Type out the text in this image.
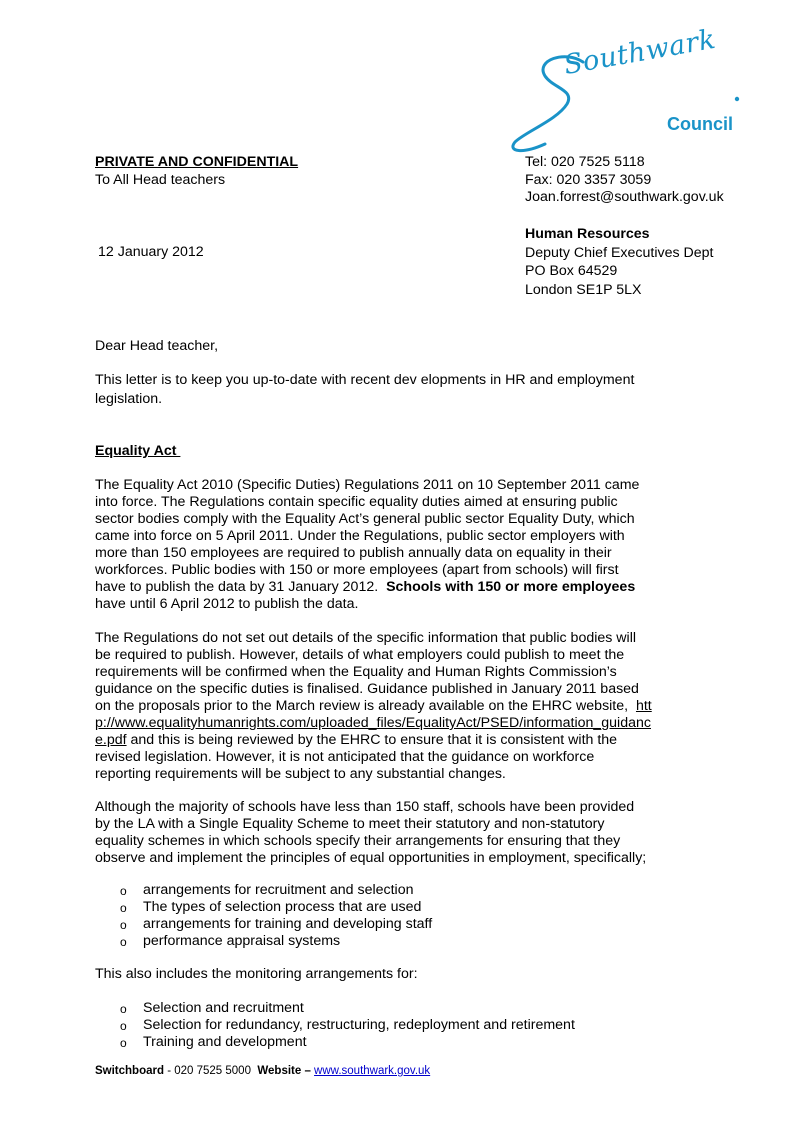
Southwark
Council
PRIVATE AND CONFIDENTIAL
To All Head teachers
12 January 2012
Tel: 020 7525 5118
Fax: 020 3357 3059
Joan.forrest@southwark.gov.uk
Human Resources
Deputy Chief Executives Dept
PO Box 64529
London SE1P 5LX
Dear Head teacher,
This letter is to keep you up-to-date with recent dev elopments in HR and employment
legislation.
Equality Act
The Equality Act 2010 (Specific Duties) Regulations 2011 on 10 September 2011 came
into force. The Regulations contain specific equality duties aimed at ensuring public
sector bodies comply with the Equality Act’s general public sector Equality Duty, which
came into force on 5 April 2011. Under the Regulations, public sector employers with
more than 150 employees are required to publish annually data on equality in their
workforces. Public bodies with 150 or more employees (apart from schools) will first
have to publish the data by 31 January 2012.  Schools with 150 or more employees
have until 6 April 2012 to publish the data.
The Regulations do not set out details of the specific information that public bodies will
be required to publish. However, details of what employers could publish to meet the
requirements will be confirmed when the Equality and Human Rights Commission’s
guidance on the specific duties is finalised. Guidance published in January 2011 based
on the proposals prior to the March review is already available on the EHRC website,  htt
p://www.equalityhumanrights.com/uploaded_files/EqualityAct/PSED/information_guidanc
e.pdf and this is being reviewed by the EHRC to ensure that it is consistent with the
revised legislation. However, it is not anticipated that the guidance on workforce
reporting requirements will be subject to any substantial changes.
Although the majority of schools have less than 150 staff, schools have been provided
by the LA with a Single Equality Scheme to meet their statutory and non-statutory
equality schemes in which schools specify their arrangements for ensuring that they
observe and implement the principles of equal opportunities in employment, specifically;
o arrangements for recruitment and selection
o The types of selection process that are used
o arrangements for training and developing staff
o performance appraisal systems
This also includes the monitoring arrangements for:
o Selection and recruitment
o Selection for redundancy, restructuring, redeployment and retirement
o Training and development
Switchboard - 020 7525 5000  Website – www.southwark.gov.uk
